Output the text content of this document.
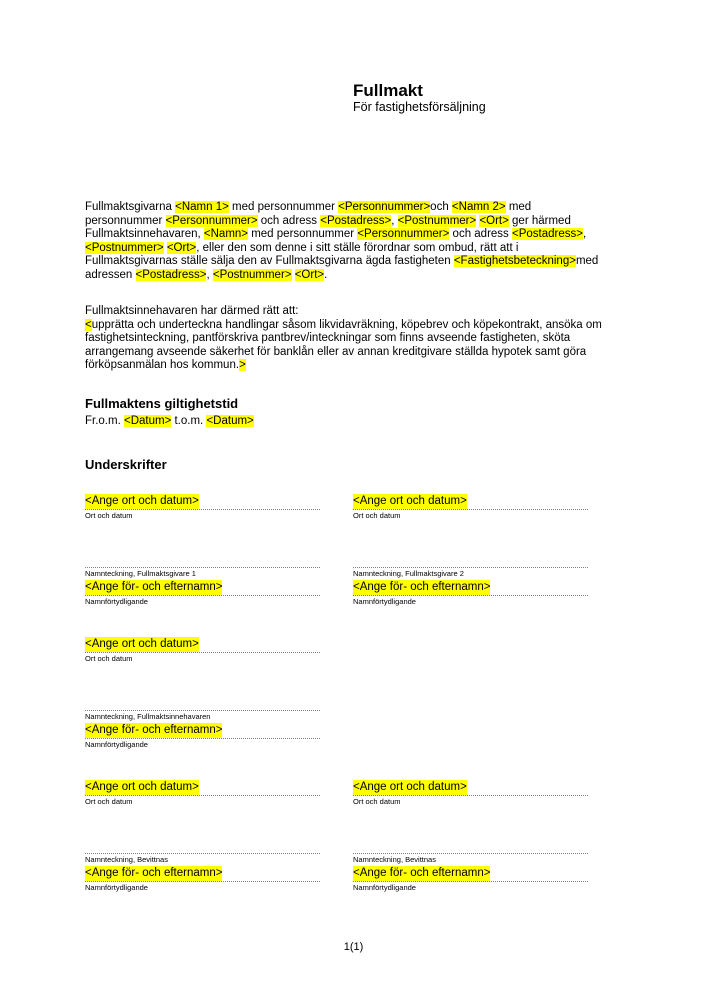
Fullmakt
För fastighetsförsäljning
Fullmaktsgivarna <Namn 1> med personnummer <Personnummer>och <Namn 2> med
personnummer <Personnummer> och adress <Postadress>, <Postnummer> <Ort> ger härmed
Fullmaktsinnehavaren, <Namn> med personnummer <Personnummer> och adress <Postadress>,
<Postnummer> <Ort>, eller den som denne i sitt ställe förordnar som ombud, rätt att i
Fullmaktsgivarnas ställe sälja den av Fullmaktsgivarna ägda fastigheten <Fastighetsbeteckning>med
adressen <Postadress>, <Postnummer> <Ort>.
Fullmaktsinnehavaren har därmed rätt att:
<upprätta och underteckna handlingar såsom likvidavräkning, köpebrev och köpekontrakt, ansöka om
fastighetsinteckning, pantförskriva pantbrev/inteckningar som finns avseende fastigheten, sköta
arrangemang avseende säkerhet för banklån eller av annan kreditgivare ställda hypotek samt göra
förköpsanmälan hos kommun.>
Fullmaktens giltighetstid
Fr.o.m. <Datum> t.o.m. <Datum>
Underskrifter
<Ange ort och datum>
Ort och datum
Namnteckning, Fullmaktsgivare 1
<Ange för- och efternamn>
Namnförtydligande
<Ange ort och datum>
Ort och datum
Namnteckning, Fullmaktsgivare 2
<Ange för- och efternamn>
Namnförtydligande
<Ange ort och datum>
Ort och datum
Namnteckning, Fullmaktsinnehavaren
<Ange för- och efternamn>
Namnförtydligande
<Ange ort och datum>
Ort och datum
Namnteckning, Bevittnas
<Ange för- och efternamn>
Namnförtydligande
<Ange ort och datum>
Ort och datum
Namnteckning, Bevittnas
<Ange för- och efternamn>
Namnförtydligande
1(1)
